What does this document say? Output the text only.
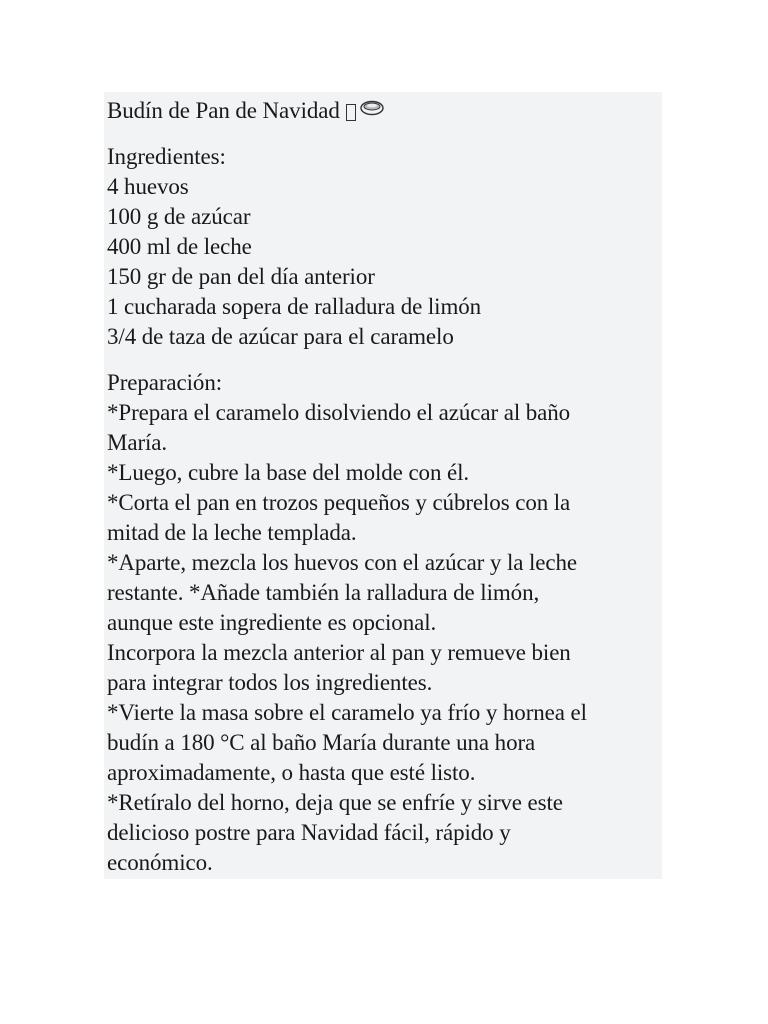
Budín de Pan de Navidad
Ingredientes:
4 huevos
100 g de azúcar
400 ml de leche
150 gr de pan del día anterior
1 cucharada sopera de ralladura de limón
3/4 de taza de azúcar para el caramelo
Preparación:
*Prepara el caramelo disolviendo el azúcar al baño
María.
*Luego, cubre la base del molde con él.
*Corta el pan en trozos pequeños y cúbrelos con la
mitad de la leche templada.
*Aparte, mezcla los huevos con el azúcar y la leche
restante. *Añade también la ralladura de limón,
aunque este ingrediente es opcional.
Incorpora la mezcla anterior al pan y remueve bien
para integrar todos los ingredientes.
*Vierte la masa sobre el caramelo ya frío y hornea el
budín a 180 °C al baño María durante una hora
aproximadamente, o hasta que esté listo.
*Retíralo del horno, deja que se enfríe y sirve este
delicioso postre para Navidad fácil, rápido y
económico.
